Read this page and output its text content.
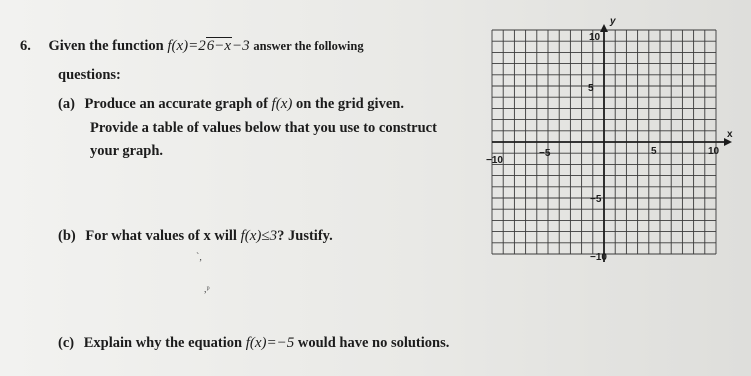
6. Given the function f(x)=26−x−3 answer the following
questions:
(a) Produce an accurate graph of f(x) on the grid given.
Provide a table of values below that you use to construct
your graph.
(b) For what values of x will f(x)≤3? Justify.
ˋ,
,ᵖ
(c) Explain why the equation f(x)=−5 would have no solutions.
x
y
10
5
−5
−10
−10
−5	5	10
